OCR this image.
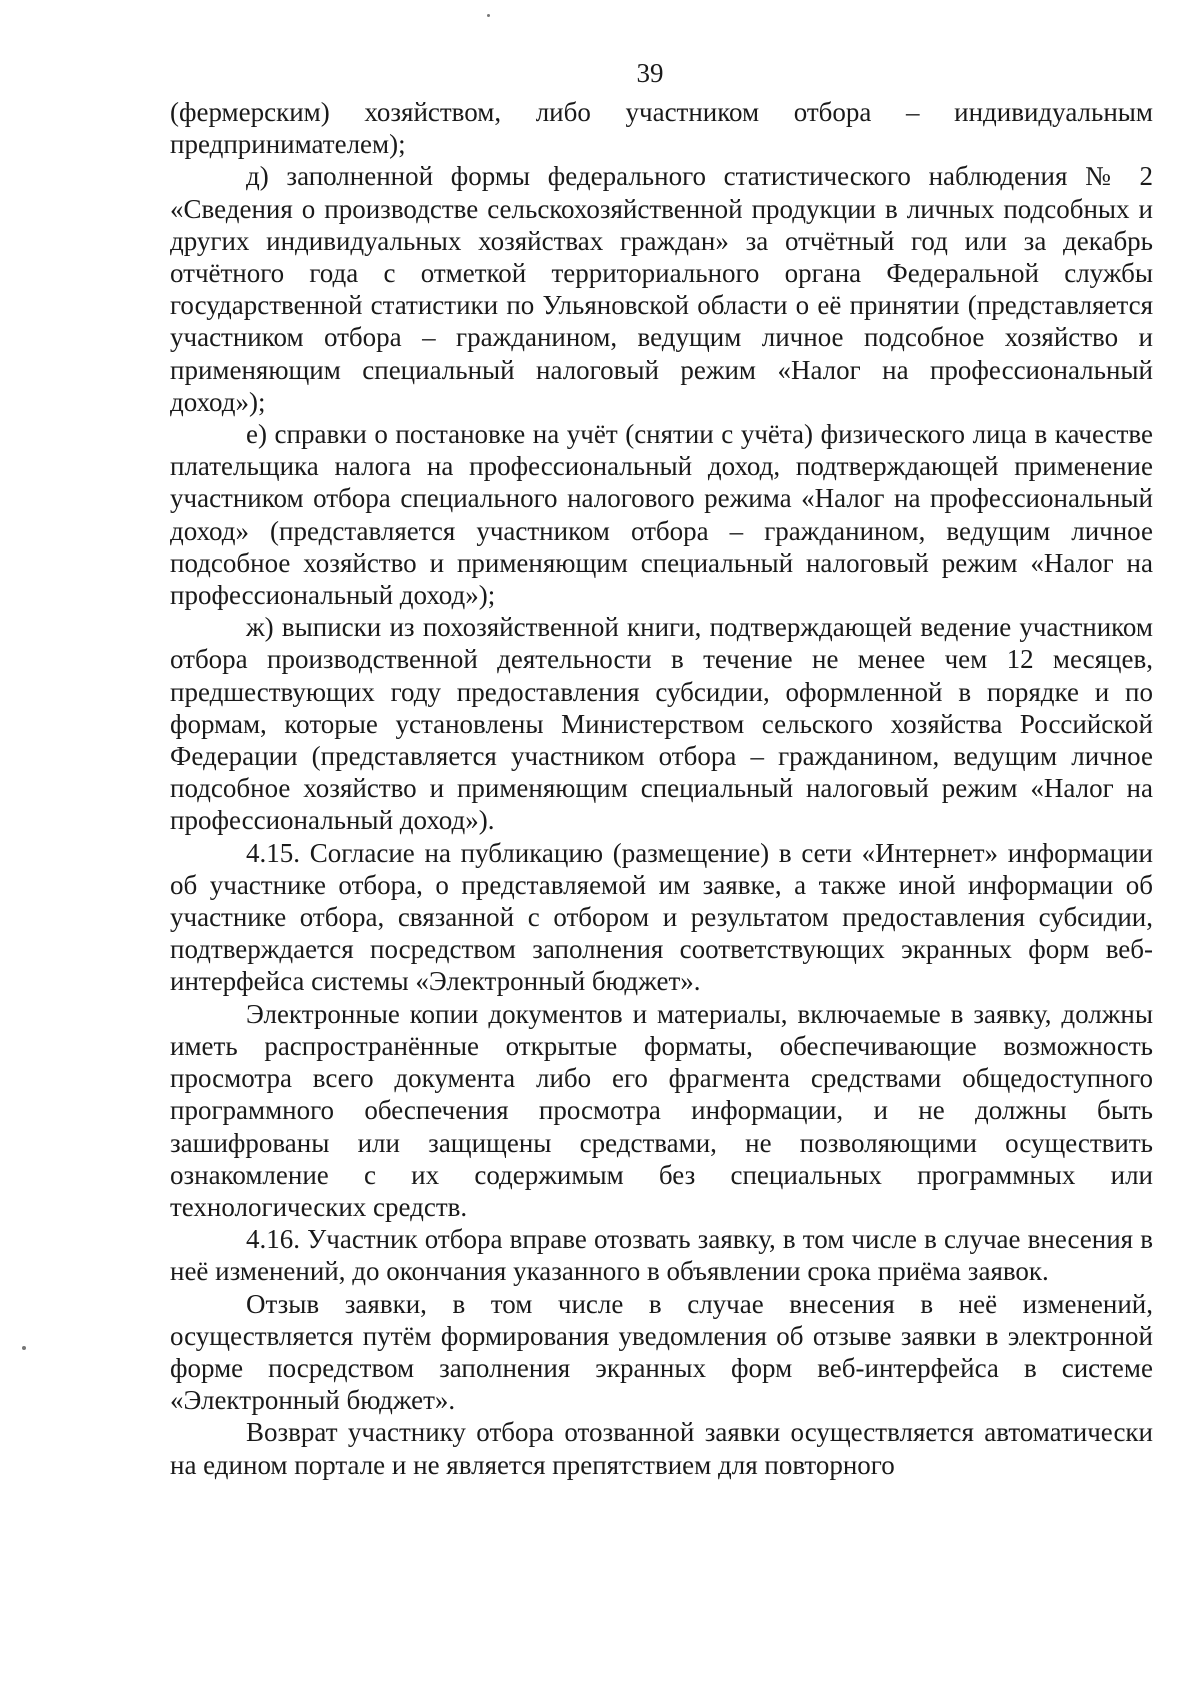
39

(фермерским) хозяйством, либо участником отбора – индивидуальным предпринимателем);

д) заполненной формы федерального статистического наблюдения № 2 «Сведения о производстве сельскохозяйственной продукции в личных подсобных и других индивидуальных хозяйствах граждан» за отчётный год или за декабрь отчётного года с отметкой территориального органа Федеральной службы государственной статистики по Ульяновской области о её принятии (представляется участником отбора – гражданином, ведущим личное подсобное хозяйство и применяющим специальный налоговый режим «Налог на профессиональный доход»);

е) справки о постановке на учёт (снятии с учёта) физического лица в качестве плательщика налога на профессиональный доход, подтверждающей применение участником отбора специального налогового режима «Налог на профессиональный доход» (представляется участником отбора – гражданином, ведущим личное подсобное хозяйство и применяющим специальный налоговый режим «Налог на профессиональный доход»);

ж) выписки из похозяйственной книги, подтверждающей ведение участником отбора производственной деятельности в течение не менее чем 12 месяцев, предшествующих году предоставления субсидии, оформленной в порядке и по формам, которые установлены Министерством сельского хозяйства Российской Федерации (представляется участником отбора – гражданином, ведущим личное подсобное хозяйство и применяющим специальный налоговый режим «Налог на профессиональный доход»).

4.15. Согласие на публикацию (размещение) в сети «Интернет» информации об участнике отбора, о представляемой им заявке, а также иной информации об участнике отбора, связанной с отбором и результатом предоставления субсидии, подтверждается посредством заполнения соответствующих экранных форм веб-интерфейса системы «Электронный бюджет».

Электронные копии документов и материалы, включаемые в заявку, должны иметь распространённые открытые форматы, обеспечивающие возможность просмотра всего документа либо его фрагмента средствами общедоступного программного обеспечения просмотра информации, и не должны быть зашифрованы или защищены средствами, не позволяющими осуществить ознакомление с их содержимым без специальных программных или технологических средств.

4.16. Участник отбора вправе отозвать заявку, в том числе в случае внесения в неё изменений, до окончания указанного в объявлении срока приёма заявок.

Отзыв заявки, в том числе в случае внесения в неё изменений, осуществляется путём формирования уведомления об отзыве заявки в электронной форме посредством заполнения экранных форм веб-интерфейса в системе «Электронный бюджет».

Возврат участнику отбора отозванной заявки осуществляется автоматически на едином портале и не является препятствием для повторного
